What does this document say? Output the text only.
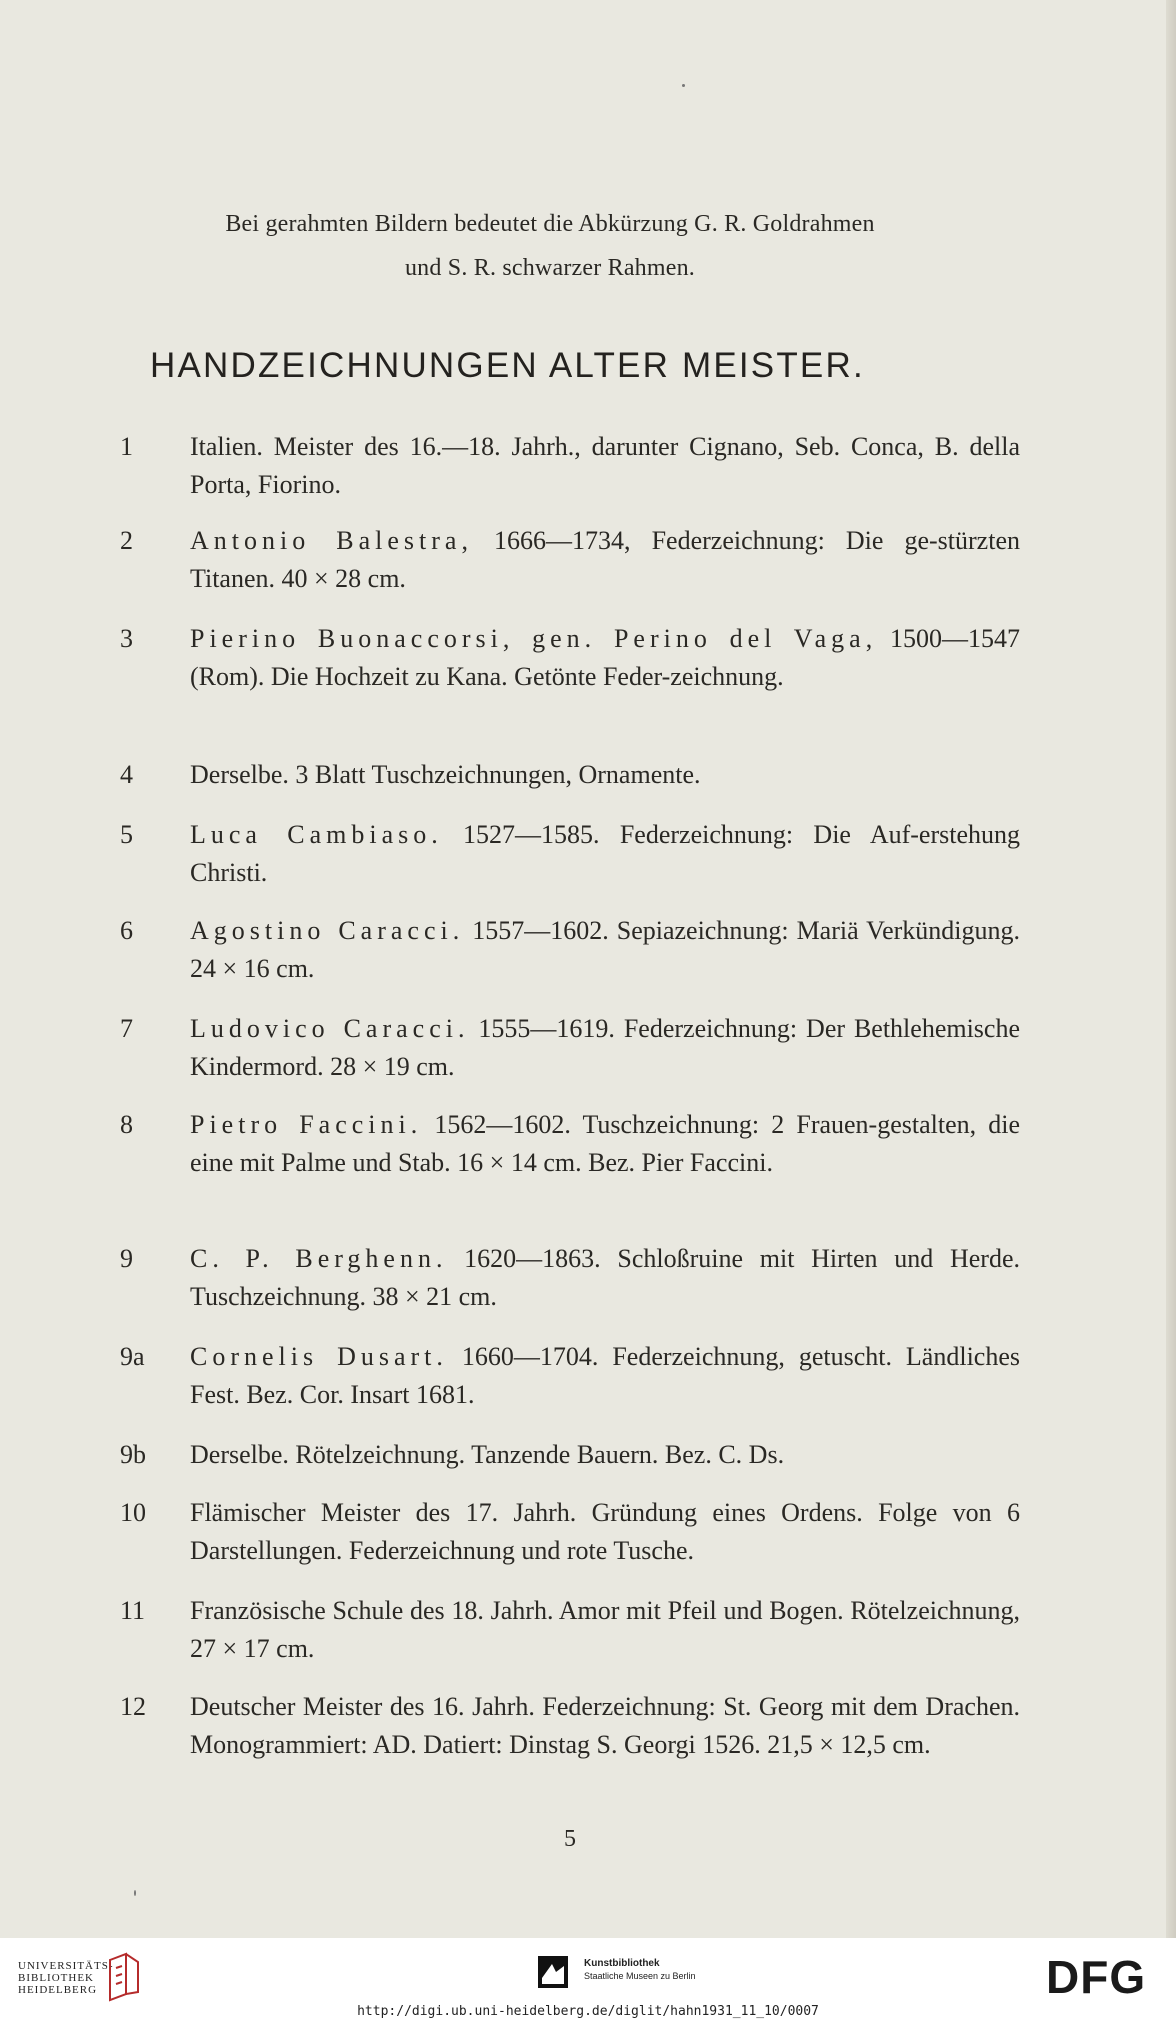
Bei gerahmten Bildern bedeutet die Abkürzung G. R. Goldrahmen
und S. R. schwarzer Rahmen.
HANDZEICHNUNGEN ALTER MEISTER.
1	Italien. Meister des 16.—18. Jahrh., darunter Cignano, Seb. Conca, B. della Porta, Fiorino.
2	Antonio Balestra, 1666—1734, Federzeichnung: Die ge-stürzten Titanen. 40 × 28 cm.
3	Pierino Buonaccorsi, gen. Perino del Vaga, 1500—1547 (Rom). Die Hochzeit zu Kana. Getönte Feder-zeichnung.
4	Derselbe. 3 Blatt Tuschzeichnungen, Ornamente.
5	Luca Cambiaso. 1527—1585. Federzeichnung: Die Auf-erstehung Christi.
6	Agostino Caracci. 1557—1602. Sepiazeichnung: Mariä Verkündigung. 24 × 16 cm.
7	Ludovico Caracci. 1555—1619. Federzeichnung: Der Bethlehemische Kindermord. 28 × 19 cm.
8	Pietro Faccini. 1562—1602. Tuschzeichnung: 2 Frauen-gestalten, die eine mit Palme und Stab. 16 × 14 cm. Bez. Pier Faccini.
9	C. P. Berghenn. 1620—1863. Schloßruine mit Hirten und Herde. Tuschzeichnung. 38 × 21 cm.
9a	Cornelis Dusart. 1660—1704. Federzeichnung, getuscht. Ländliches Fest. Bez. Cor. Insart 1681.
9b	Derselbe. Rötelzeichnung. Tanzende Bauern. Bez. C. Ds.
10	Flämischer Meister des 17. Jahrh. Gründung eines Ordens. Folge von 6 Darstellungen. Federzeichnung und rote Tusche.
11	Französische Schule des 18. Jahrh. Amor mit Pfeil und Bogen. Rötelzeichnung, 27 × 17 cm.
12	Deutscher Meister des 16. Jahrh. Federzeichnung: St. Georg mit dem Drachen. Monogrammiert: AD. Datiert: Dinstag S. Georgi 1526. 21,5 × 12,5 cm.
5
UNIVERSITÄTS-
BIBLIOTHEK
HEIDELBERG
Kunstbibliothek
Staatliche Museen zu Berlin	DFG
http://digi.ub.uni-heidelberg.de/diglit/hahn1931_11_10/0007
